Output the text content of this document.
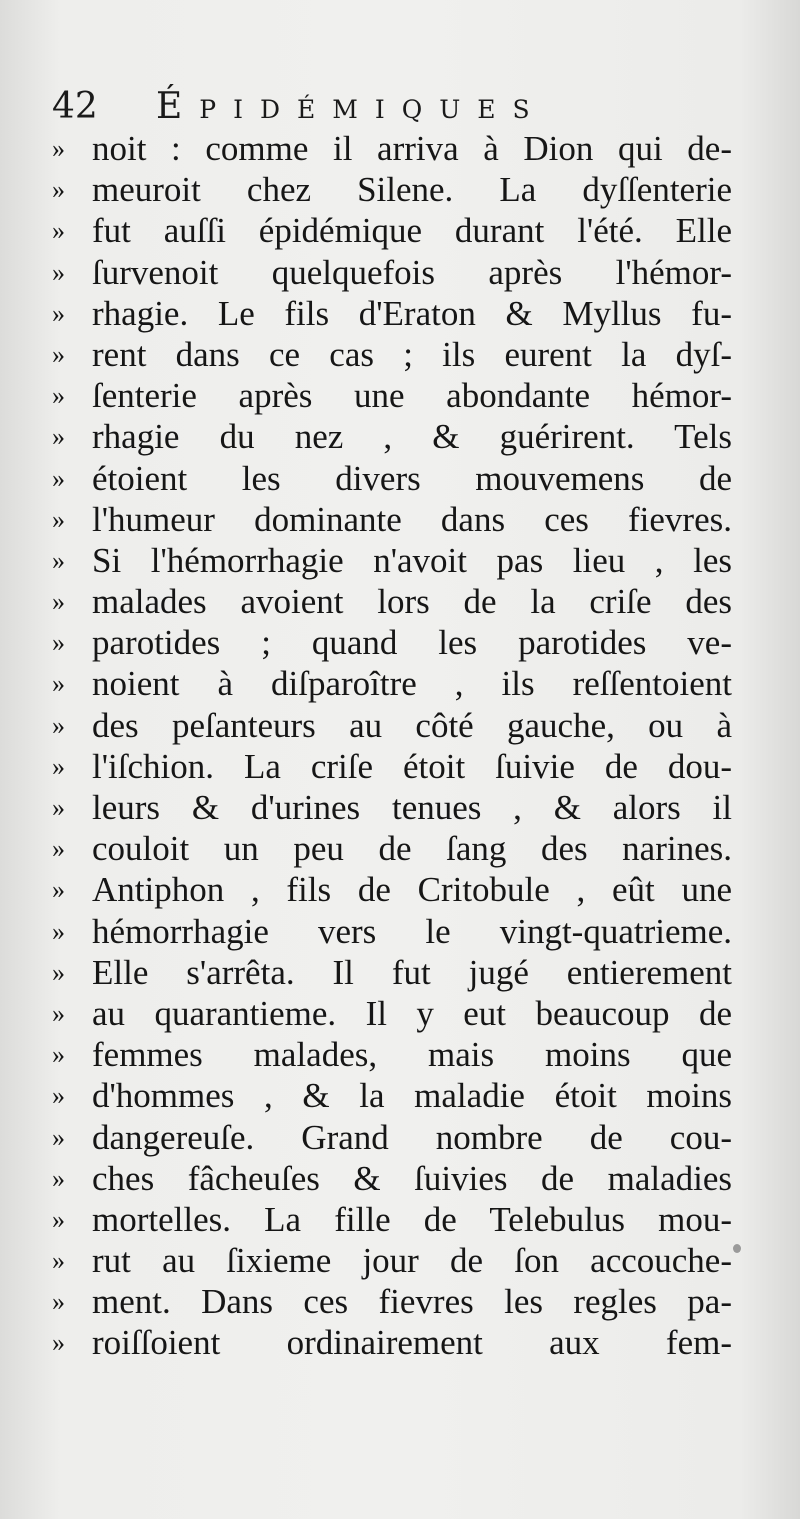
42 Épidémiques
» noit : comme il arriva à Dion qui de-
» meuroit chez Silene. La dyſſenterie
» fut auſſi épidémique durant l'été. Elle
» ſurvenoit quelquefois après l'hémor-
» rhagie. Le fils d'Eraton & Myllus fu-
» rent dans ce cas ; ils eurent la dyſ-
» ſenterie après une abondante hémor-
» rhagie du nez , & guérirent. Tels
» étoient les divers mouvemens de
» l'humeur dominante dans ces fievres.
» Si l'hémorrhagie n'avoit pas lieu , les
» malades avoient lors de la criſe des
» parotides ; quand les parotides ve-
» noient à diſparoître , ils reſſentoient
» des peſanteurs au côté gauche, ou à
» l'iſchion. La criſe étoit ſuivie de dou-
» leurs & d'urines tenues , & alors il
» couloit un peu de ſang des narines.
» Antiphon , fils de Critobule , eût une
» hémorrhagie vers le vingt-quatrieme.
» Elle s'arrêta. Il fut jugé entierement
» au quarantieme. Il y eut beaucoup de
» femmes malades, mais moins que
» d'hommes , & la maladie étoit moins
» dangereuſe. Grand nombre de cou-
» ches fâcheuſes & ſuivies de maladies
» mortelles. La fille de Telebulus mou-
» rut au ſixieme jour de ſon accouche-
» ment. Dans ces fievres les regles pa-
» roiſſoient ordinairement aux fem-
